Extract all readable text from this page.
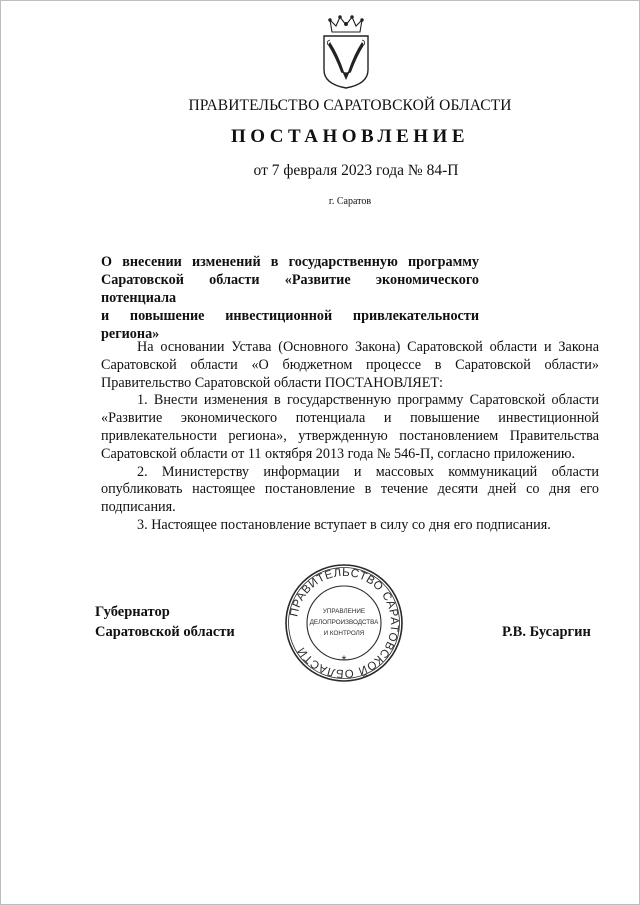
ПРАВИТЕЛЬСТВО САРАТОВСКОЙ ОБЛАСТИ
ПОСТАНОВЛЕНИЕ
от 7 февраля 2023 года № 84-П
г. Саратов
О внесении изменений в государственную программу
Саратовской области «Развитие экономического потенциала
и повышение инвестиционной привлекательности региона»

На основании Устава (Основного Закона) Саратовской области и Закона Саратовской области «О бюджетном процессе в Саратовской области» Правительство Саратовской области ПОСТАНОВЛЯЕТ:

1. Внести изменения в государственную программу Саратовской области «Развитие экономического потенциала и повышение инвестиционной привлекательности региона», утвержденную постановлением Правительства Саратовской области от 11 октября 2013 года № 546-П, согласно приложению.

2. Министерству информации и массовых коммуникаций области опубликовать настоящее постановление в течение десяти дней со дня его подписания.

3. Настоящее постановление вступает в силу со дня его подписания.

Губернатор
Саратовской области
ПРАВИТЕЛЬСТВО САРАТОВСКОЙ ОБЛАСТИ
*
УПРАВЛЕНИЕ
ДЕЛОПРОИЗВОДСТВА
И КОНТРОЛЯ	Р.В. Бусаргин
